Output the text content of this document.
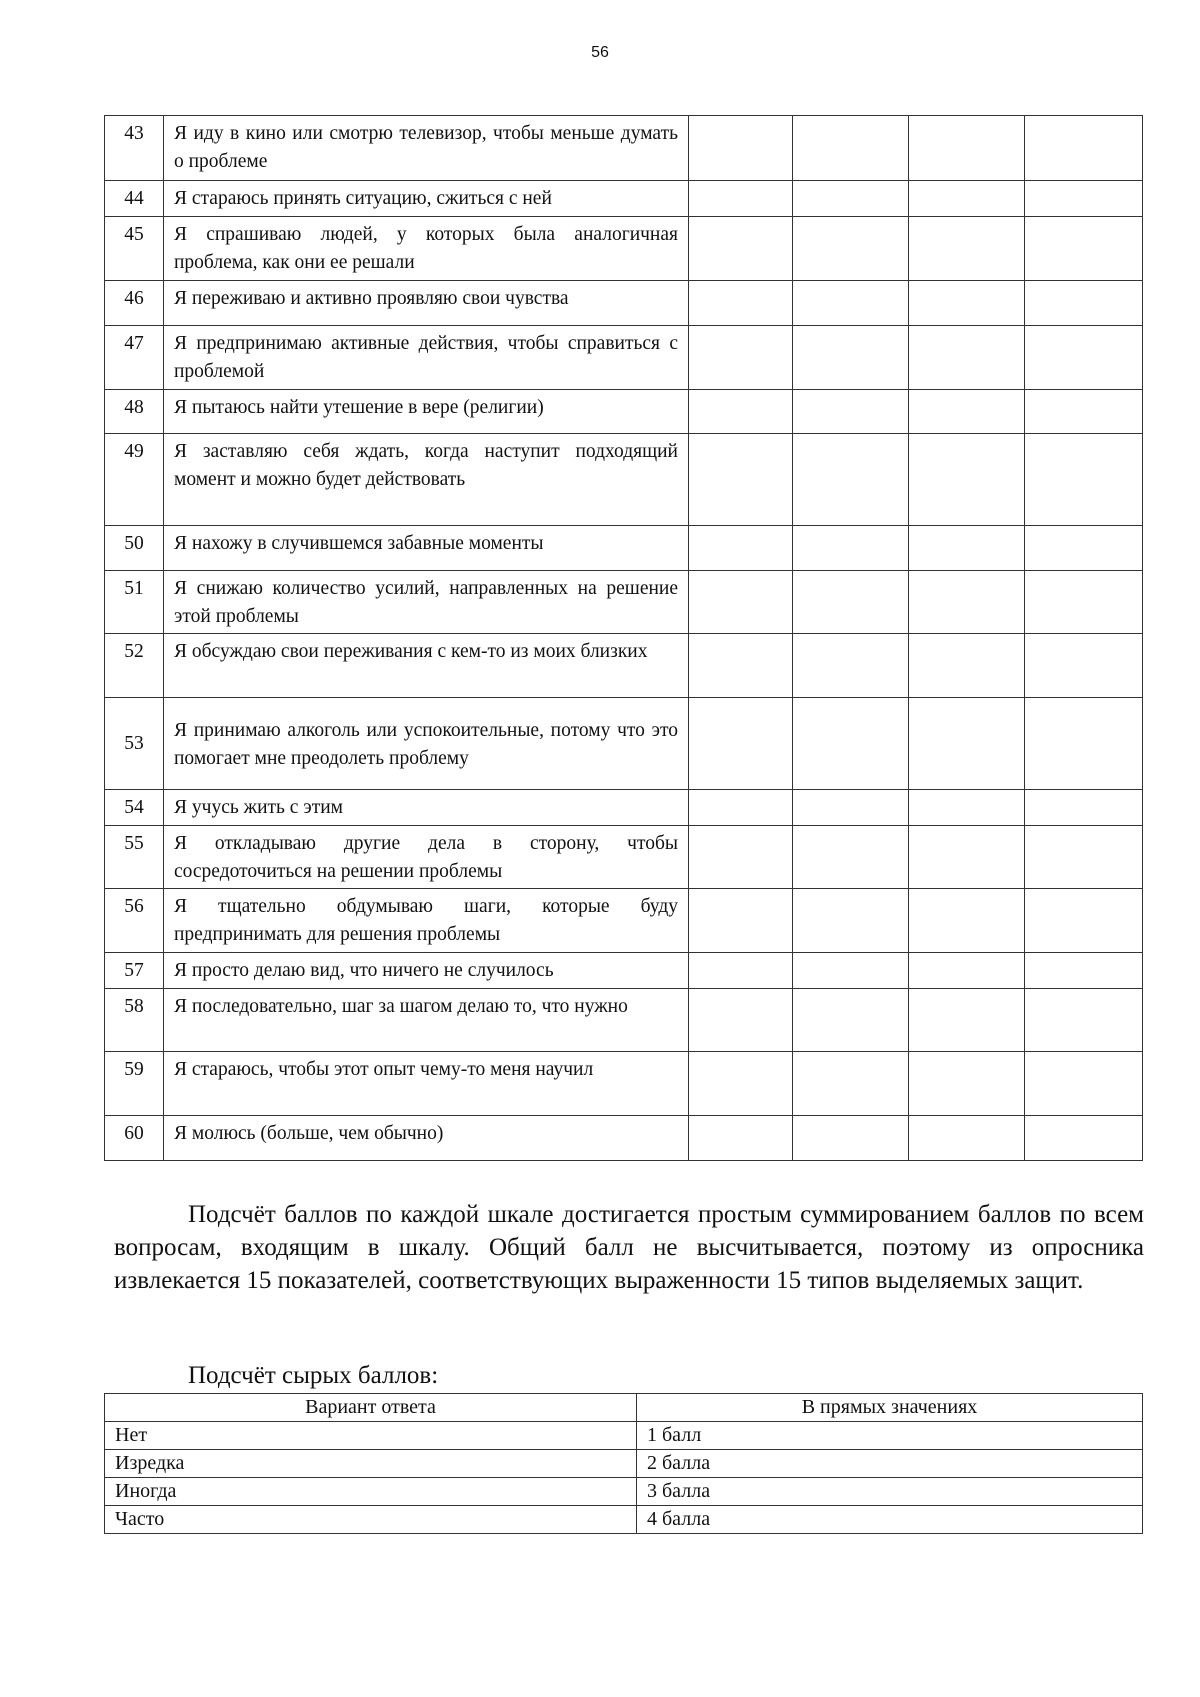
56
43	Я иду в кино или смотрю телевизор, чтобы меньше думать о проблеме				
44	Я стараюсь принять ситуацию, сжиться с ней				
45	Я спрашиваю людей, у которых была аналогичная проблема, как они ее решали				
46	Я переживаю и активно проявляю свои чувства				
47	Я предпринимаю активные действия, чтобы справиться с проблемой				
48	Я пытаюсь найти утешение в вере (религии)				
49	Я заставляю себя ждать, когда наступит подходящий момент и можно будет действовать				
50	Я нахожу в случившемся забавные моменты				
51	Я снижаю количество усилий, направленных на решение этой проблемы				
52	Я обсуждаю свои переживания с кем-то из моих близких				
53	Я принимаю алкоголь или успокоительные, потому что это помогает мне преодолеть проблему				
54	Я учусь жить с этим				
55	Я откладываю другие дела в сторону, чтобы сосредоточиться на решении проблемы				
56	Я тщательно обдумываю шаги, которые буду предпринимать для решения проблемы				
57	Я просто делаю вид, что ничего не случилось				
58	Я последовательно, шаг за шагом делаю то, что нужно				
59	Я стараюсь, чтобы этот опыт чему-то меня научил				
60	Я молюсь (больше, чем обычно)				

Подсчёт баллов по каждой шкале достигается простым суммированием баллов по всем вопросам, входящим в шкалу. Общий балл не высчитывается, поэтому из опросника извлекается 15 показателей, соответствующих выраженности 15 типов выделяемых защит.

Подсчёт сырых баллов:

Вариант ответа	В прямых значениях
Нет	1 балл
Изредка	2 балла
Иногда	3 балла
Часто	4 балла
